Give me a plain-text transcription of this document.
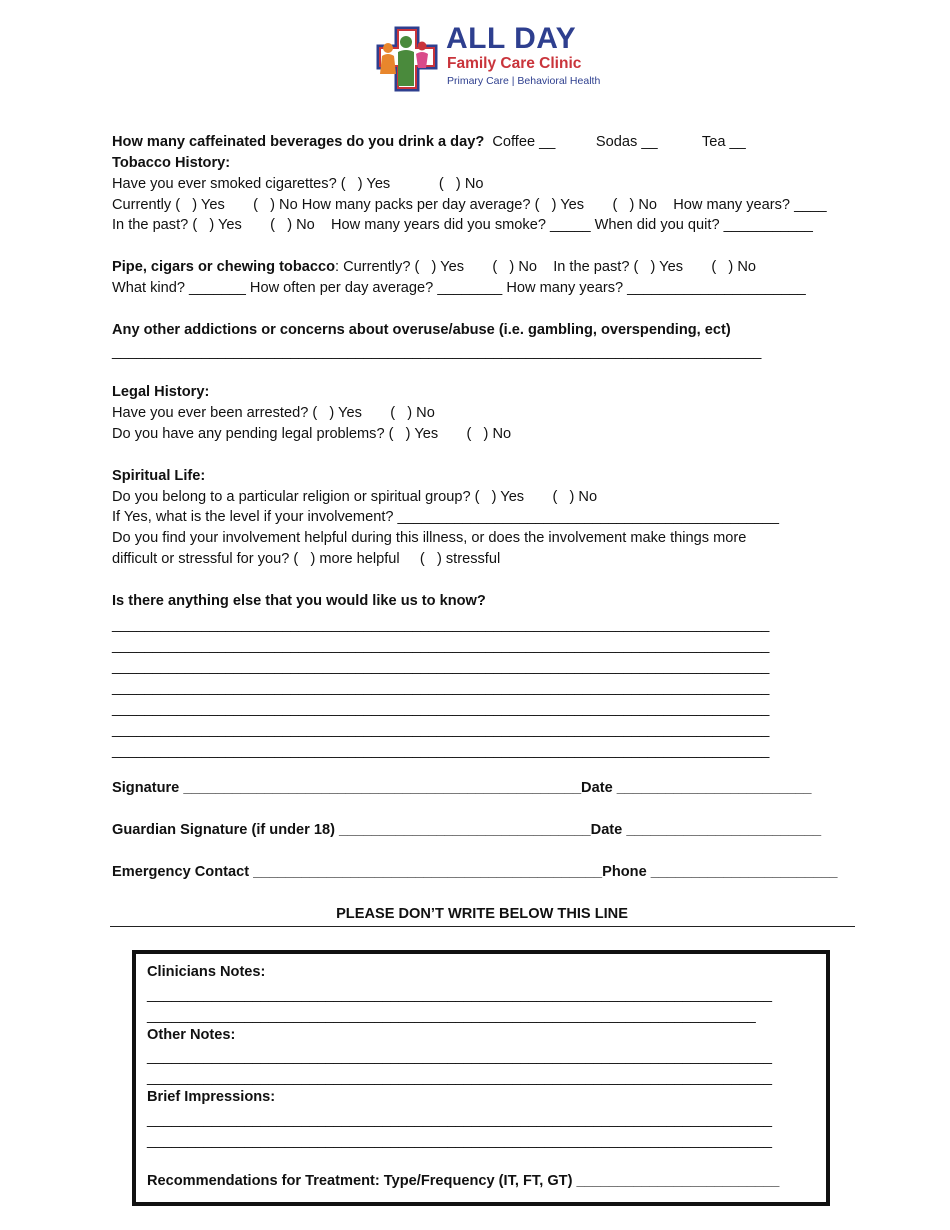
ALL DAY
Family Care Clinic
Primary Care | Behavioral Health
How many caffeinated beverages do you drink a day?  Coffee __          Sodas __           Tea __
Tobacco History:
Have you ever smoked cigarettes? (   ) Yes            (   ) No
Currently (   ) Yes       (   ) No How many packs per day average? (   ) Yes       (   ) No    How many years? ____
In the past? (   ) Yes       (   ) No    How many years did you smoke? _____ When did you quit? ___________
Pipe, cigars or chewing tobacco: Currently? (   ) Yes       (   ) No    In the past? (   ) Yes       (   ) No
What kind? _______ How often per day average? ________ How many years? ______________________
Any other addictions or concerns about overuse/abuse (i.e. gambling, overspending, ect)
________________________________________________________________________________
Legal History:
Have you ever been arrested? (   ) Yes       (   ) No
Do you have any pending legal problems? (   ) Yes       (   ) No
Spiritual Life:
Do you belong to a particular religion or spiritual group? (   ) Yes       (   ) No
If Yes, what is the level if your involvement? _______________________________________________
Do you find your involvement helpful during this illness, or does the involvement make things more
difficult or stressful for you? (   ) more helpful     (   ) stressful
Is there anything else that you would like us to know?
_________________________________________________________________________________
_________________________________________________________________________________
_________________________________________________________________________________
_________________________________________________________________________________
_________________________________________________________________________________
_________________________________________________________________________________
_________________________________________________________________________________
Signature _________________________________________________Date ________________________
Guardian Signature (if under 18) _______________________________Date ________________________
Emergency Contact ___________________________________________Phone _______________________
PLEASE DON’T WRITE BELOW THIS LINE
Clinicians Notes:
_____________________________________________________________________________
___________________________________________________________________________
Other Notes:
_____________________________________________________________________________
_____________________________________________________________________________
Brief Impressions:
_____________________________________________________________________________
_____________________________________________________________________________
Recommendations for Treatment: Type/Frequency (IT, FT, GT) _________________________
